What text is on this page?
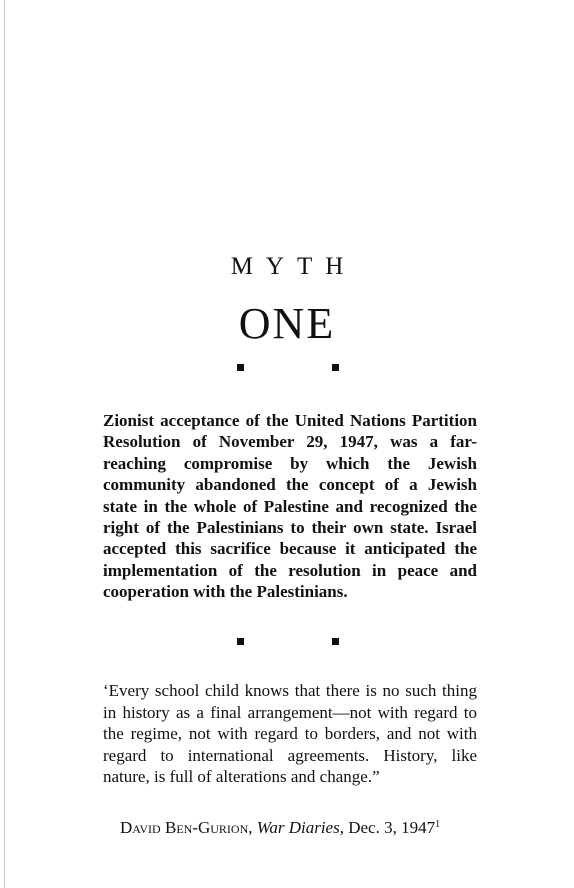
MYTH
ONE

Zionist acceptance of the United Nations Partition Resolution of November 29, 1947, was a far-reaching compromise by which the Jewish community abandoned the concept of a Jewish state in the whole of Palestine and recognized the right of the Palestinians to their own state. Israel accepted this sacrifice because it anticipated the implementation of the resolution in peace and cooperation with the Palestinians.

‘Every school child knows that there is no such thing in history as a final arrangement—not with regard to the regime, not with regard to borders, and not with regard to international agreements. History, like nature, is full of alterations and change.”

David Ben-Gurion, War Diaries, Dec. 3, 1947$^1$
